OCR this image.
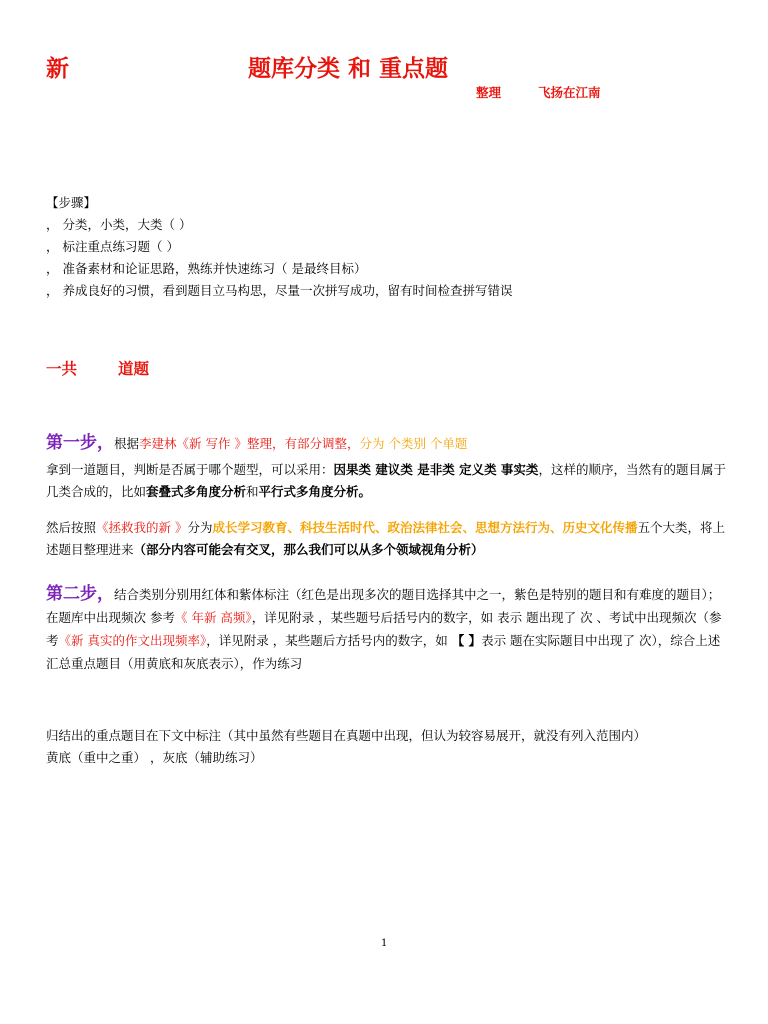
新	题库分类 和 重点题
整理	飞扬在江南
【步骤】
， 分类，小类，大类（ ）
， 标注重点练习题（ ）
， 准备素材和论证思路，熟练并快速练习（ 是最终目标）
， 养成良好的习惯，看到题目立马构思，尽量一次拼写成功，留有时间检查拼写错误
一共	道题
第一步，根据李建林《新 写作 》整理，有部分调整，分为 个类别 个单题
拿到一道题目，判断是否属于哪个题型，可以采用：因果类 建议类 是非类 定义类 事实类，这样的顺序，当然有的题目属于几类合成的，比如套叠式多角度分析和平行式多角度分析。
然后按照《拯救我的新 》分为成长学习教育、科技生活时代、政治法律社会、思想方法行为、历史文化传播五个大类，将上述题目整理进来（部分内容可能会有交叉，那么我们可以从多个领域视角分析）
第二步，结合类别分别用红体和紫体标注（红色是出现多次的题目选择其中之一，紫色是特别的题目和有难度的题目）；在题库中出现频次 参考《 年新 高频》，详见附录 ，某些题号后括号内的数字，如 表示 题出现了 次 、考试中出现频次（参考《新 真实的作文出现频率》，详见附录 ，某些题后方括号内的数字，如 【 】表示 题在实际题目中出现了 次），综合上述汇总重点题目（用黄底和灰底表示），作为练习
归结出的重点题目在下文中标注（其中虽然有些题目在真题中出现，但认为较容易展开，就没有列入范围内）
黄底（重中之重） ，灰底（辅助练习）
1
